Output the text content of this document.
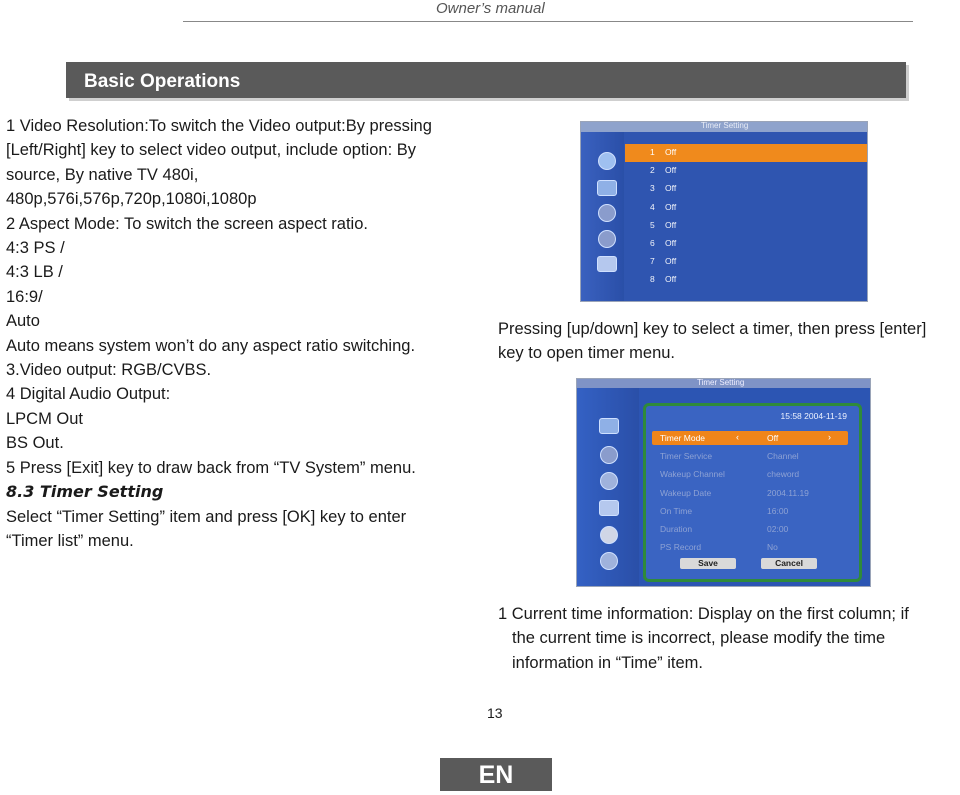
Owner’s manual
Basic Operations
1 Video Resolution:To switch the Video output:By pressing
[Left/Right] key to select video output, include option: By
source, By native TV 480i,
480p,576i,576p,720p,1080i,1080p
2 Aspect Mode: To switch the screen aspect ratio.
4:3 PS /
4:3 LB /
16:9/
Auto
Auto means system won’t do any aspect ratio switching.
3.Video output: RGB/CVBS.
4 Digital Audio Output:
LPCM Out
BS Out.
5 Press [Exit] key to draw back from “TV System” menu.
8.3 Timer Setting
Select “Timer Setting” item and press [OK] key to enter
“Timer list” menu.
Timer Setting
1 Off
2 Off
3 Off
4 Off
5 Off
6 Off
7 Off
8 Off
Pressing [up/down] key to select a timer, then press [enter]
key to open timer menu.
Timer Setting
15:58 2004-11-19
Timer Mode	Off
‹	›
Timer Service	Channel
Wakeup Channel	cheword
Wakeup Date	2004.11.19
On Time	16:00
Duration	02:00
PS Record	No
Save	Cancel
1 Current time information: Display on the first column; if
the current time is incorrect, please modify the time
information in “Time” item.
13
EN
